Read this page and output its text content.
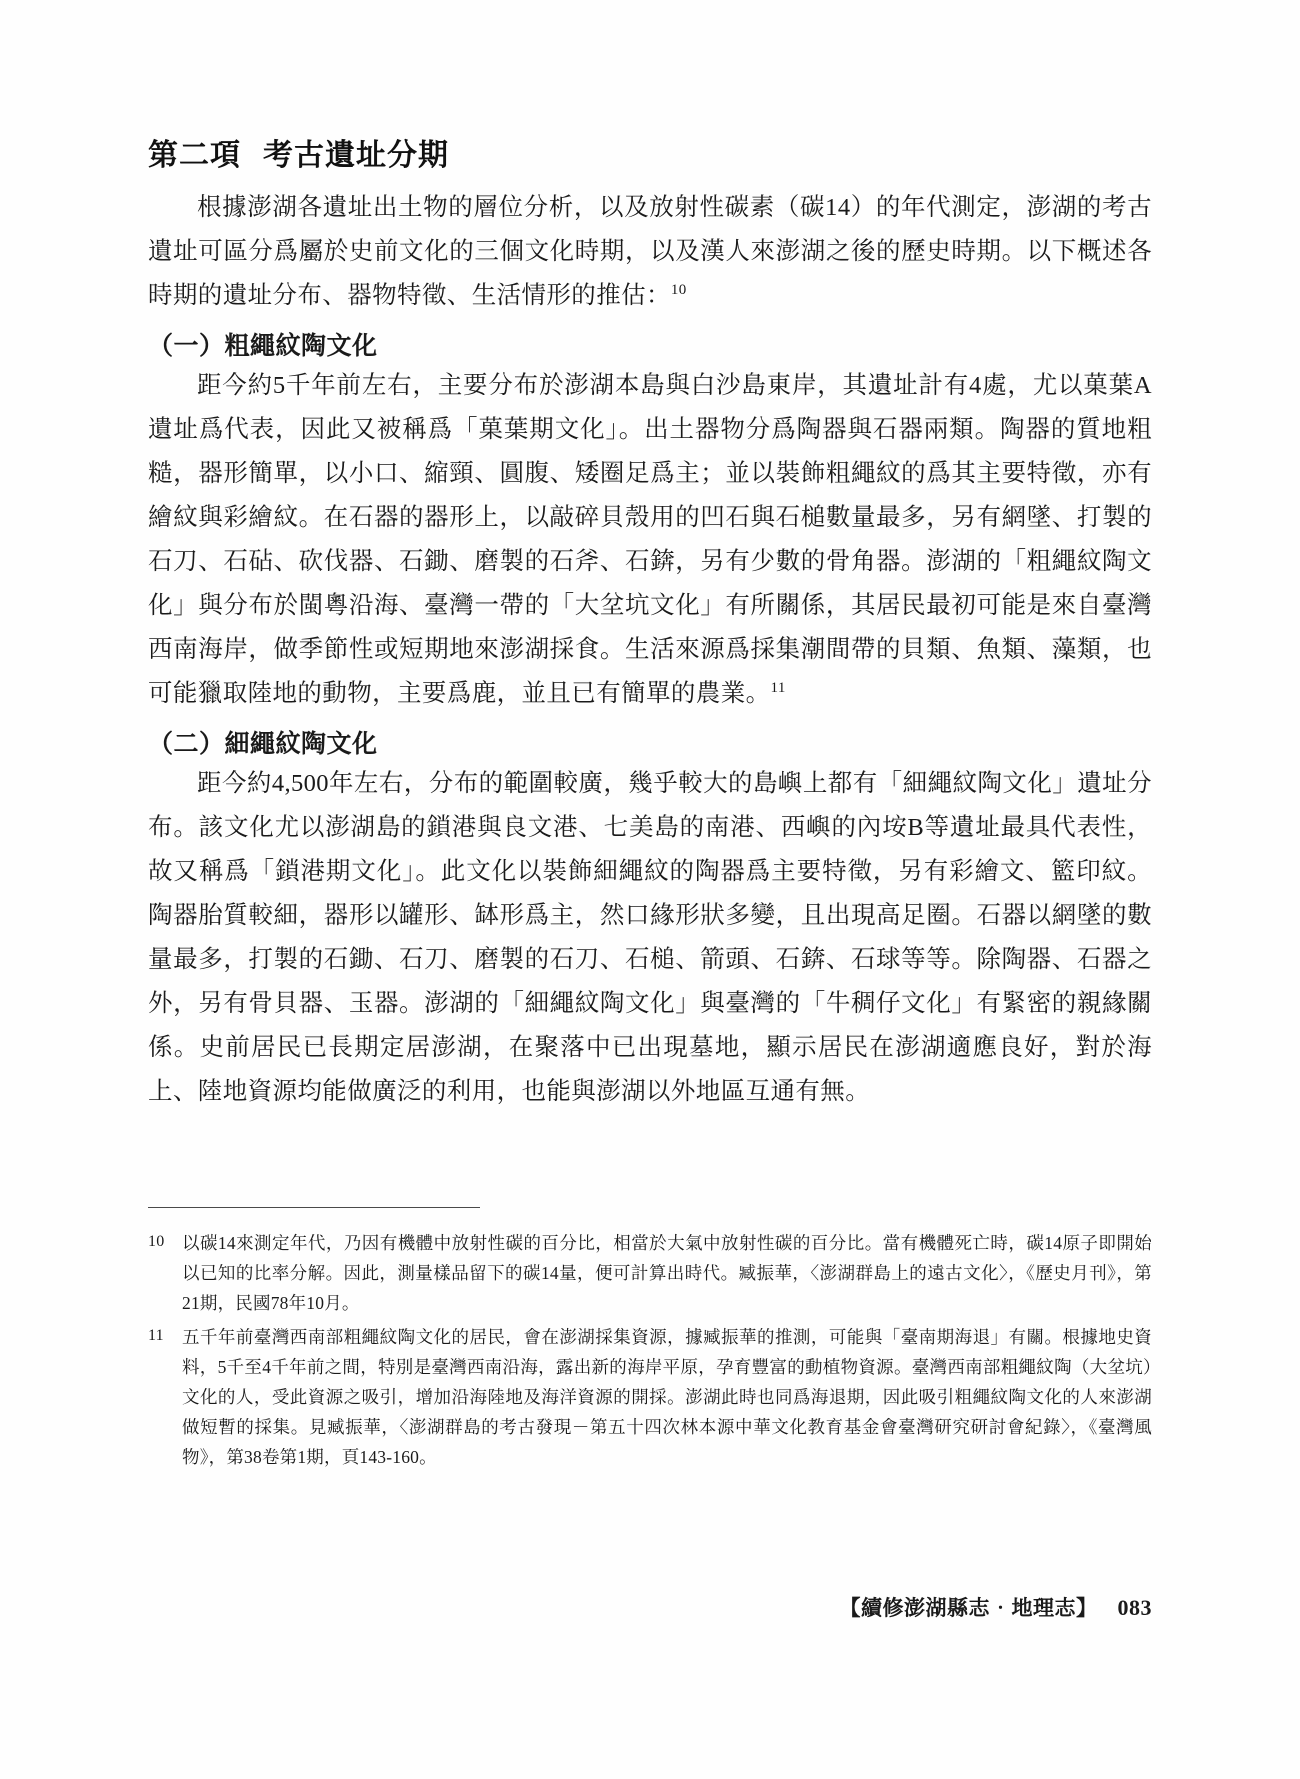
第二項 考古遺址分期

根據澎湖各遺址出土物的層位分析，以及放射性碳素（碳14）的年代測定，澎湖的考古遺址可區分爲屬於史前文化的三個文化時期，以及漢人來澎湖之後的歷史時期。以下概述各時期的遺址分布、器物特徵、生活情形的推估：$^{10}$

（一）粗繩紋陶文化

距今約5千年前左右，主要分布於澎湖本島與白沙島東岸，其遺址計有4處，尤以菓葉A遺址爲代表，因此又被稱爲「菓葉期文化」。出土器物分爲陶器與石器兩類。陶器的質地粗糙，器形簡單，以小口、縮頸、圓腹、矮圈足爲主；並以裝飾粗繩紋的爲其主要特徵，亦有繪紋與彩繪紋。在石器的器形上，以敲碎貝殼用的凹石與石槌數量最多，另有網墜、打製的石刀、石砧、砍伐器、石鋤、磨製的石斧、石錛，另有少數的骨角器。澎湖的「粗繩紋陶文化」與分布於閩粵沿海、臺灣一帶的「大坌坑文化」有所關係，其居民最初可能是來自臺灣西南海岸，做季節性或短期地來澎湖採食。生活來源爲採集潮間帶的貝類、魚類、藻類，也可能獵取陸地的動物，主要爲鹿，並且已有簡單的農業。$^{11}$

（二）細繩紋陶文化

距今約4,500年左右，分布的範圍較廣，幾乎較大的島嶼上都有「細繩紋陶文化」遺址分布。該文化尤以澎湖島的鎖港與良文港、七美島的南港、西嶼的內垵B等遺址最具代表性，故又稱爲「鎖港期文化」。此文化以裝飾細繩紋的陶器爲主要特徵，另有彩繪文、籃印紋。陶器胎質較細，器形以罐形、缽形爲主，然口緣形狀多變，且出現高足圈。石器以網墜的數量最多，打製的石鋤、石刀、磨製的石刀、石槌、箭頭、石錛、石球等等。除陶器、石器之外，另有骨貝器、玉器。澎湖的「細繩紋陶文化」與臺灣的「牛稠仔文化」有緊密的親緣關係。史前居民已長期定居澎湖，在聚落中已出現墓地，顯示居民在澎湖適應良好，對於海上、陸地資源均能做廣泛的利用，也能與澎湖以外地區互通有無。

10 以碳14來測定年代，乃因有機體中放射性碳的百分比，相當於大氣中放射性碳的百分比。當有機體死亡時，碳14原子即開始以已知的比率分解。因此，測量樣品留下的碳14量，便可計算出時代。臧振華，〈澎湖群島上的遠古文化〉，《歷史月刊》，第21期，民國78年10月。
11 五千年前臺灣西南部粗繩紋陶文化的居民，會在澎湖採集資源，據臧振華的推測，可能與「臺南期海退」有關。根據地史資料，5千至4千年前之間，特別是臺灣西南沿海，露出新的海岸平原，孕育豐富的動植物資源。臺灣西南部粗繩紋陶（大坌坑）文化的人，受此資源之吸引，增加沿海陸地及海洋資源的開採。澎湖此時也同爲海退期，因此吸引粗繩紋陶文化的人來澎湖做短暫的採集。見臧振華，〈澎湖群島的考古發現－第五十四次林本源中華文化教育基金會臺灣研究研討會紀錄〉，《臺灣風物》，第38卷第1期，頁143-160。
【續修澎湖縣志‧地理志】 083
